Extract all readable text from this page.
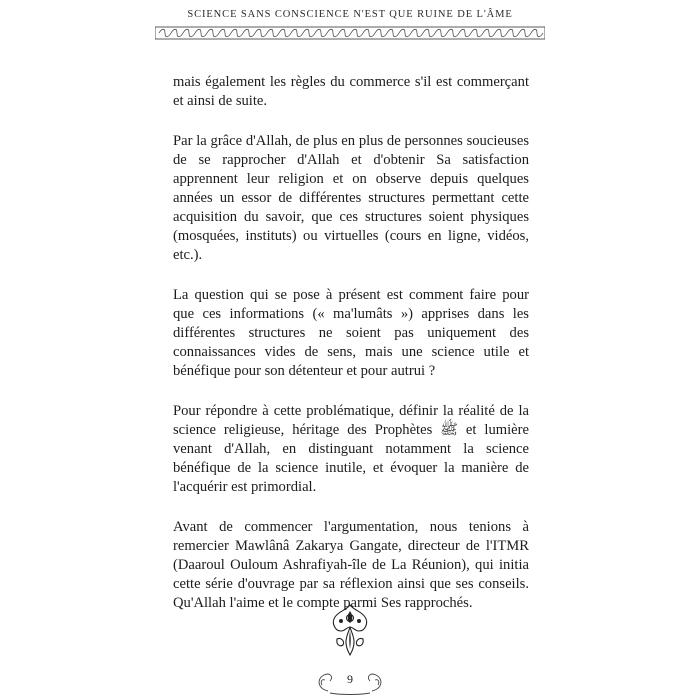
SCIENCE SANS CONSCIENCE N'EST QUE RUINE DE L'ÂME

mais également les règles du commerce s'il est commerçant et ainsi de suite.

Par la grâce d'Allah, de plus en plus de personnes soucieuses de se rapprocher d'Allah et d'obtenir Sa satisfaction apprennent leur religion et on observe depuis quelques années un essor de différentes structures permettant cette acquisition du savoir, que ces structures soient physiques (mosquées, instituts) ou virtuelles (cours en ligne, vidéos, etc.).

La question qui se pose à présent est comment faire pour que ces informations (« ma'lumâts ») apprises dans les différentes structures ne soient pas uniquement des connaissances vides de sens, mais une science utile et bénéfique pour son détenteur et pour autrui ?

Pour répondre à cette problématique, définir la réalité de la science religieuse, héritage des Prophètes ﷺ et lumière venant d'Allah, en distinguant notamment la science bénéfique de la science inutile, et évoquer la manière de l'acquérir est primordial.

Avant de commencer l'argumentation, nous tenions à remercier Mawlânâ Zakarya Gangate, directeur de l'ITMR (Daaroul Ouloum Ashrafiyah-île de La Réunion), qui initia cette série d'ouvrage par sa réflexion ainsi que ses conseils. Qu'Allah l'aime et le compte parmi Ses rapprochés.

9
